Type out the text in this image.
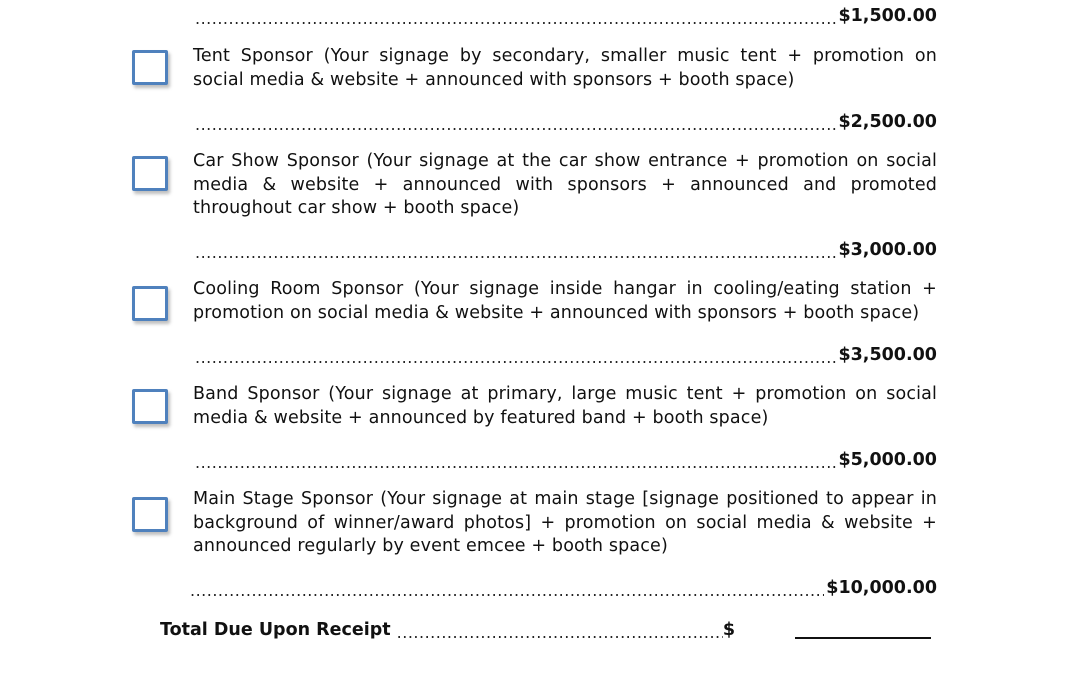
.....
$1,500.00
Tent Sponsor (Your signage by secondary, smaller music tent + promotion on social media & website + announced with sponsors + booth space)
.....
$2,500.00
Car Show Sponsor (Your signage at the car show entrance + promotion on social media & website + announced with sponsors + announced and promoted throughout car show + booth space)
.....
$3,000.00
Cooling Room Sponsor (Your signage inside hangar in cooling/eating station + promotion on social media & website + announced with sponsors + booth space)
.....
$3,500.00
Band Sponsor (Your signage at primary, large music tent + promotion on social media & website + announced by featured band + booth space)
.....
$5,000.00
Main Stage Sponsor (Your signage at main stage [signage positioned to appear in background of winner/award photos] + promotion on social media & website + announced regularly by event emcee + booth space)
.....
$10,000.00
Total Due Upon Receipt
.....	$
